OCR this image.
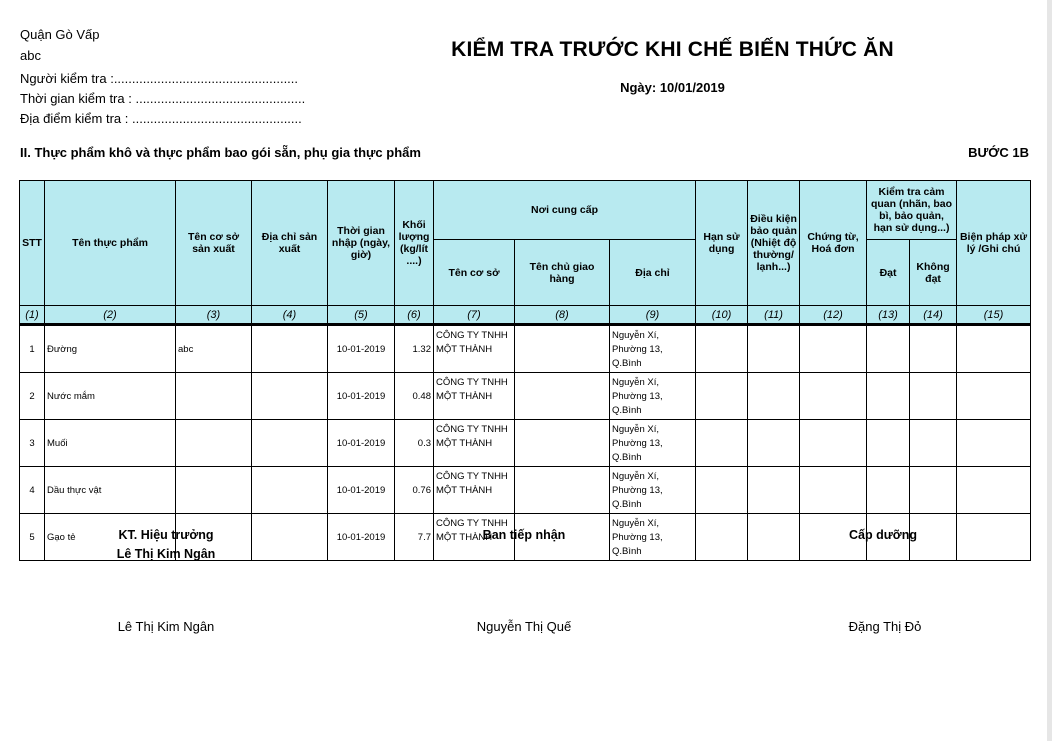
Quận Gò Vấp
abc
Người kiểm tra :...................................................
Thời gian kiểm tra : ...............................................
Địa điểm kiểm tra : ...............................................
KIỂM TRA TRƯỚC KHI CHẾ BIẾN THỨC ĂN
Ngày: 10/01/2019
II. Thực phẩm khô và thực phẩm bao gói sẵn, phụ gia thực phẩm	BƯỚC 1B
STT	Tên thực phẩm	Tên cơ sở sản xuất	Địa chỉ sản xuất	Thời gian nhập (ngày, giờ)	Khối lượng (kg/lít ....)	Nơi cung cấp			Hạn sử dụng	Điều kiện bảo quản (Nhiệt độ thường/ lạnh...)	Chứng từ, Hoá đơn	Kiểm tra cảm quan (nhãn, bao bì, bảo quản, hạn sử dụng...)		Biện pháp xử lý /Ghi chú
						Tên cơ sở	Tên chủ giao hàng	Địa chỉ				Đạt	Không đạt	
(1)	(2)	(3)	(4)	(5)	(6)	(7)	(8)	(9)	(10)	(11)	(12)	(13)	(14)	(15)
1	Đường	abc		10-01-2019	1.32	CÔNG TY TNHH MỘT THÀNH		Nguyễn Xí, Phường 13, Q.Bình						
2	Nước mắm			10-01-2019	0.48	CÔNG TY TNHH MỘT THÀNH		Nguyễn Xí, Phường 13, Q.Bình						
3	Muối			10-01-2019	0.3	CÔNG TY TNHH MỘT THÀNH		Nguyễn Xí, Phường 13, Q.Bình						
4	Dầu thực vật			10-01-2019	0.76	CÔNG TY TNHH MỘT THÀNH		Nguyễn Xí, Phường 13, Q.Bình						
5	Gạo tẻ			10-01-2019	7.7	CÔNG TY TNHH MỘT THÀNH		Nguyễn Xí, Phường 13, Q.Bình						
KT. Hiệu trưởng
Lê Thị Kim Ngân
Lê Thị Kim Ngân
Ban tiếp nhận
Nguyễn Thị Quế
Cấp dưỡng
Đặng Thị Đỏ
